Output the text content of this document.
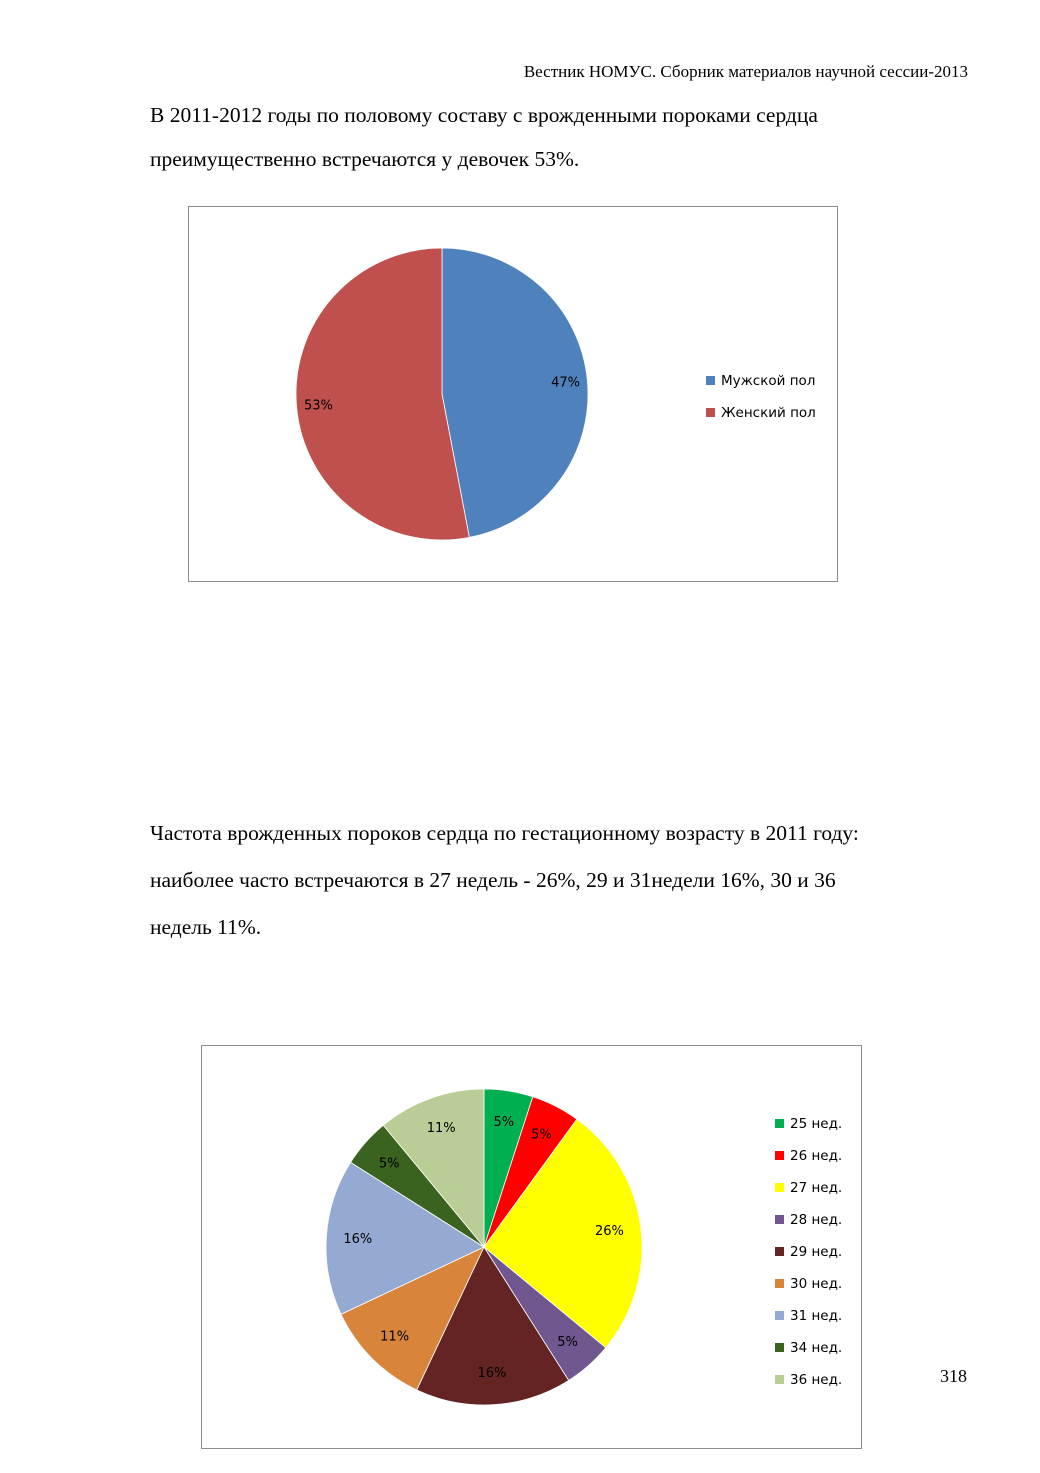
Вестник НОМУС. Сборник материалов научной сессии-2013

В 2011-2012 годы по половому составу с врожденными пороками сердца

преимущественно встречаются у девочек 53%.

47%
53%
Мужской пол
Женский пол

Частота врожденных пороков сердца по гестационному возрасту в 2011 году:

наиболее часто встречаются в 27 недель - 26%, 29 и 31недели 16%, 30 и 36

недель 11%.

5%
5%
26%
5%
16%
11%
16%
5%
11%	25 нед.
26 нед.
27 нед.
28 нед.
29 нед.
30 нед.
31 нед.
34 нед.
36 нед.	318
